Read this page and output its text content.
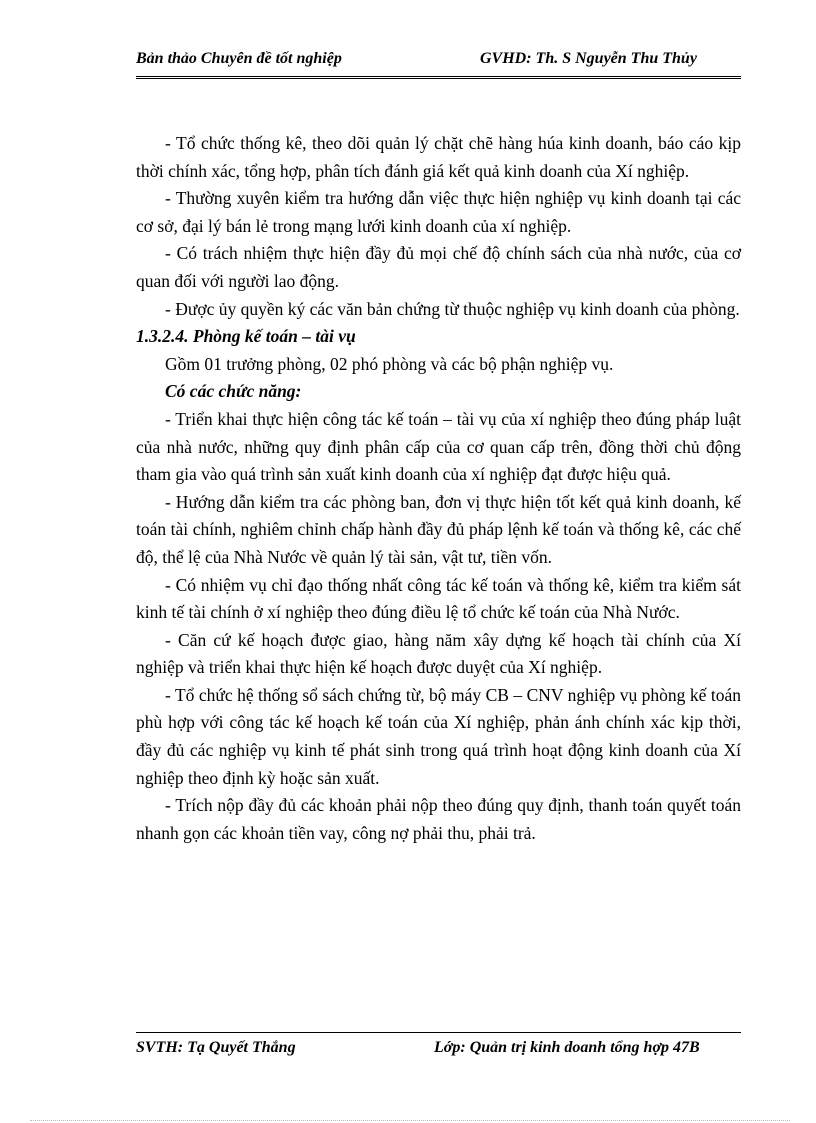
Bản thảo Chuyên đề tốt nghiệp	GVHD: Th. S Nguyễn Thu Thủy

- Tổ chức thống kê, theo dõi quản lý chặt chẽ hàng húa kinh doanh, báo cáo kịp thời chính xác, tổng hợp, phân tích đánh giá kết quả kinh doanh của Xí nghiệp.

- Thường xuyên kiểm tra hướng dẫn việc thực hiện nghiệp vụ kinh doanh tại các cơ sở, đại lý bán lẻ trong mạng lưới kinh doanh của xí nghiệp.

- Có trách nhiệm thực hiện đầy đủ mọi chế độ chính sách của nhà nước, của cơ quan đối với người lao động.

- Được ủy quyền ký các văn bản chứng từ thuộc nghiệp vụ kinh doanh của phòng.

1.3.2.4. Phòng kế toán – tài vụ

Gồm 01 trưởng phòng, 02 phó phòng và các bộ phận nghiệp vụ.

Có các chức năng:

- Triển khai thực hiện công tác kế toán – tài vụ của xí nghiệp theo đúng pháp luật của nhà nước, những quy định phân cấp của cơ quan cấp trên, đồng thời chủ động tham gia vào quá trình sản xuất kinh doanh của xí nghiệp đạt được hiệu quả.

- Hướng dẫn kiểm tra các phòng ban, đơn vị thực hiện tốt kết quả kinh doanh, kế toán tài chính, nghiêm chỉnh chấp hành đầy đủ pháp lệnh kế toán và thống kê, các chế độ, thể lệ của Nhà Nước về quản lý tài sản, vật tư, tiền vốn.

- Có nhiệm vụ chỉ đạo thống nhất công tác kế toán và thống kê, kiểm tra kiểm sát kinh tế tài chính ở xí nghiệp theo đúng điều lệ tổ chức kế toán của Nhà Nước.

- Căn cứ kế hoạch được giao, hàng năm xây dựng kế hoạch tài chính của Xí nghiệp và triển khai thực hiện kế hoạch được duyệt của Xí nghiệp.

- Tổ chức hệ thống sổ sách chứng từ, bộ máy CB – CNV nghiệp vụ phòng kế toán phù hợp với công tác kế hoạch kế toán của Xí nghiệp, phản ánh chính xác kịp thời, đầy đủ các nghiệp vụ kinh tế phát sinh trong quá trình hoạt động kinh doanh của Xí nghiệp theo định kỳ hoặc sản xuất.

- Trích nộp đầy đủ các khoản phải nộp theo đúng quy định, thanh toán quyết toán nhanh gọn các khoản tiền vay, công nợ phải thu, phải trả.

SVTH: Tạ Quyết Thắng	Lớp: Quản trị kinh doanh tổng hợp 47B
